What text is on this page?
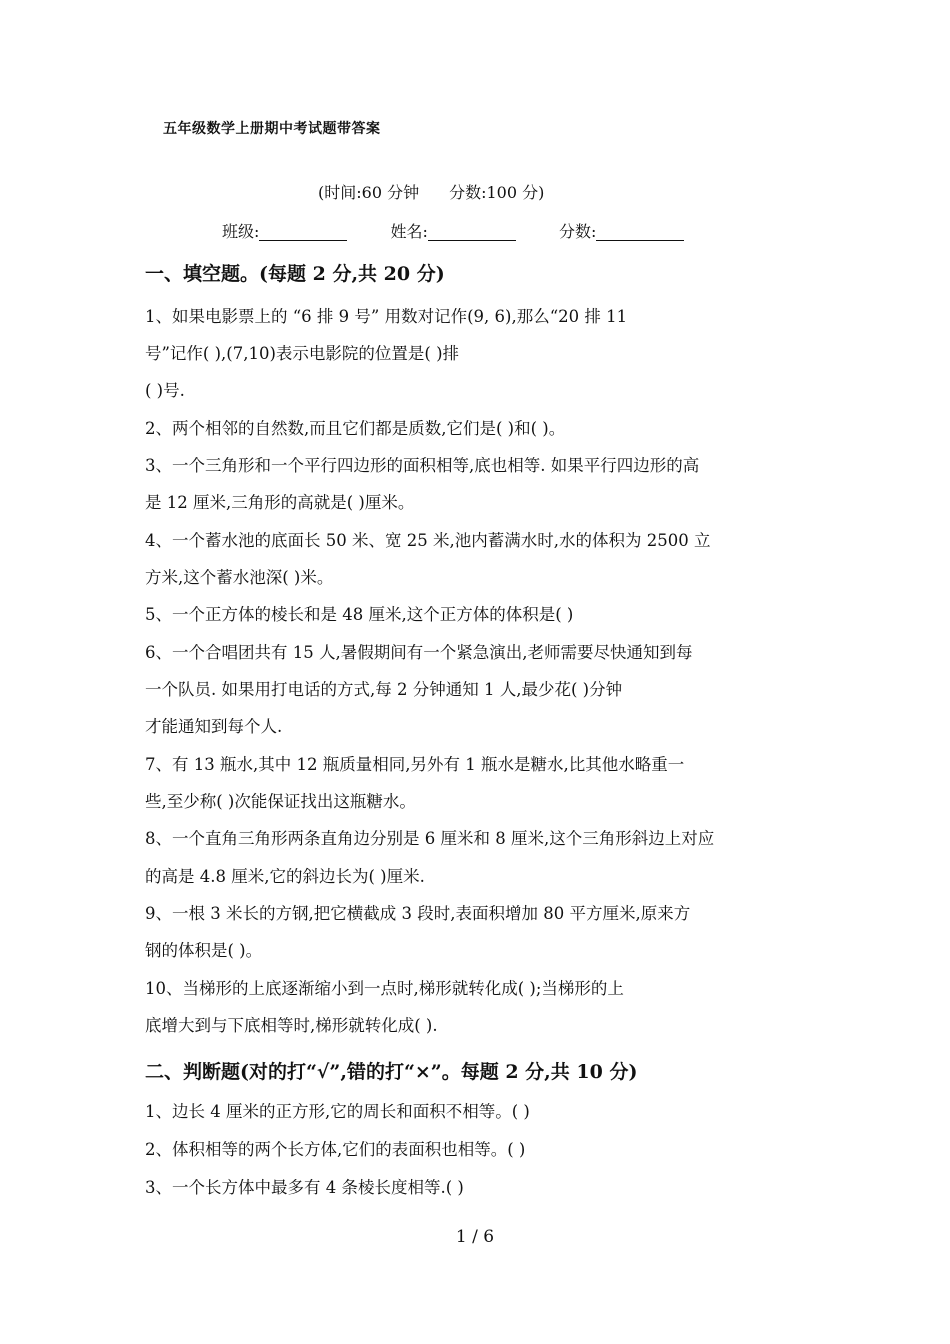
五年级数学上册期中考试题带答案
(时间:60 分钟 分数:100 分)
班级:	姓名:	分数:
一、填空题。(每题 2 分,共 20 分)
1、如果电影票上的 “6 排 9 号” 用数对记作(9, 6),那么“20 排 11
号”记作( ),(7,10)表示电影院的位置是( )排
( )号.
2、两个相邻的自然数,而且它们都是质数,它们是( )和( )。
3、一个三角形和一个平行四边形的面积相等,底也相等. 如果平行四边形的高
是 12 厘米,三角形的高就是( )厘米。
4、一个蓄水池的底面长 50 米、宽 25 米,池内蓄满水时,水的体积为 2500 立
方米,这个蓄水池深( )米。
5、一个正方体的棱长和是 48 厘米,这个正方体的体积是( )
6、一个合唱团共有 15 人,暑假期间有一个紧急演出,老师需要尽快通知到每
一个队员. 如果用打电话的方式,每 2 分钟通知 1 人,最少花( )分钟
才能通知到每个人.
7、有 13 瓶水,其中 12 瓶质量相同,另外有 1 瓶水是糖水,比其他水略重一
些,至少称( )次能保证找出这瓶糖水。
8、一个直角三角形两条直角边分别是 6 厘米和 8 厘米,这个三角形斜边上对应
的高是 4.8 厘米,它的斜边长为( )厘米.
9、一根 3 米长的方钢,把它横截成 3 段时,表面积增加 80 平方厘米,原来方
钢的体积是( )。
10、当梯形的上底逐渐缩小到一点时,梯形就转化成( );当梯形的上
底增大到与下底相等时,梯形就转化成( ).
二、判断题(对的打“√”,错的打“×”。每题 2 分,共 10 分)
1、边长 4 厘米的正方形,它的周长和面积不相等。( )
2、体积相等的两个长方体,它们的表面积也相等。( )
3、一个长方体中最多有 4 条棱长度相等.( )
1 / 6
